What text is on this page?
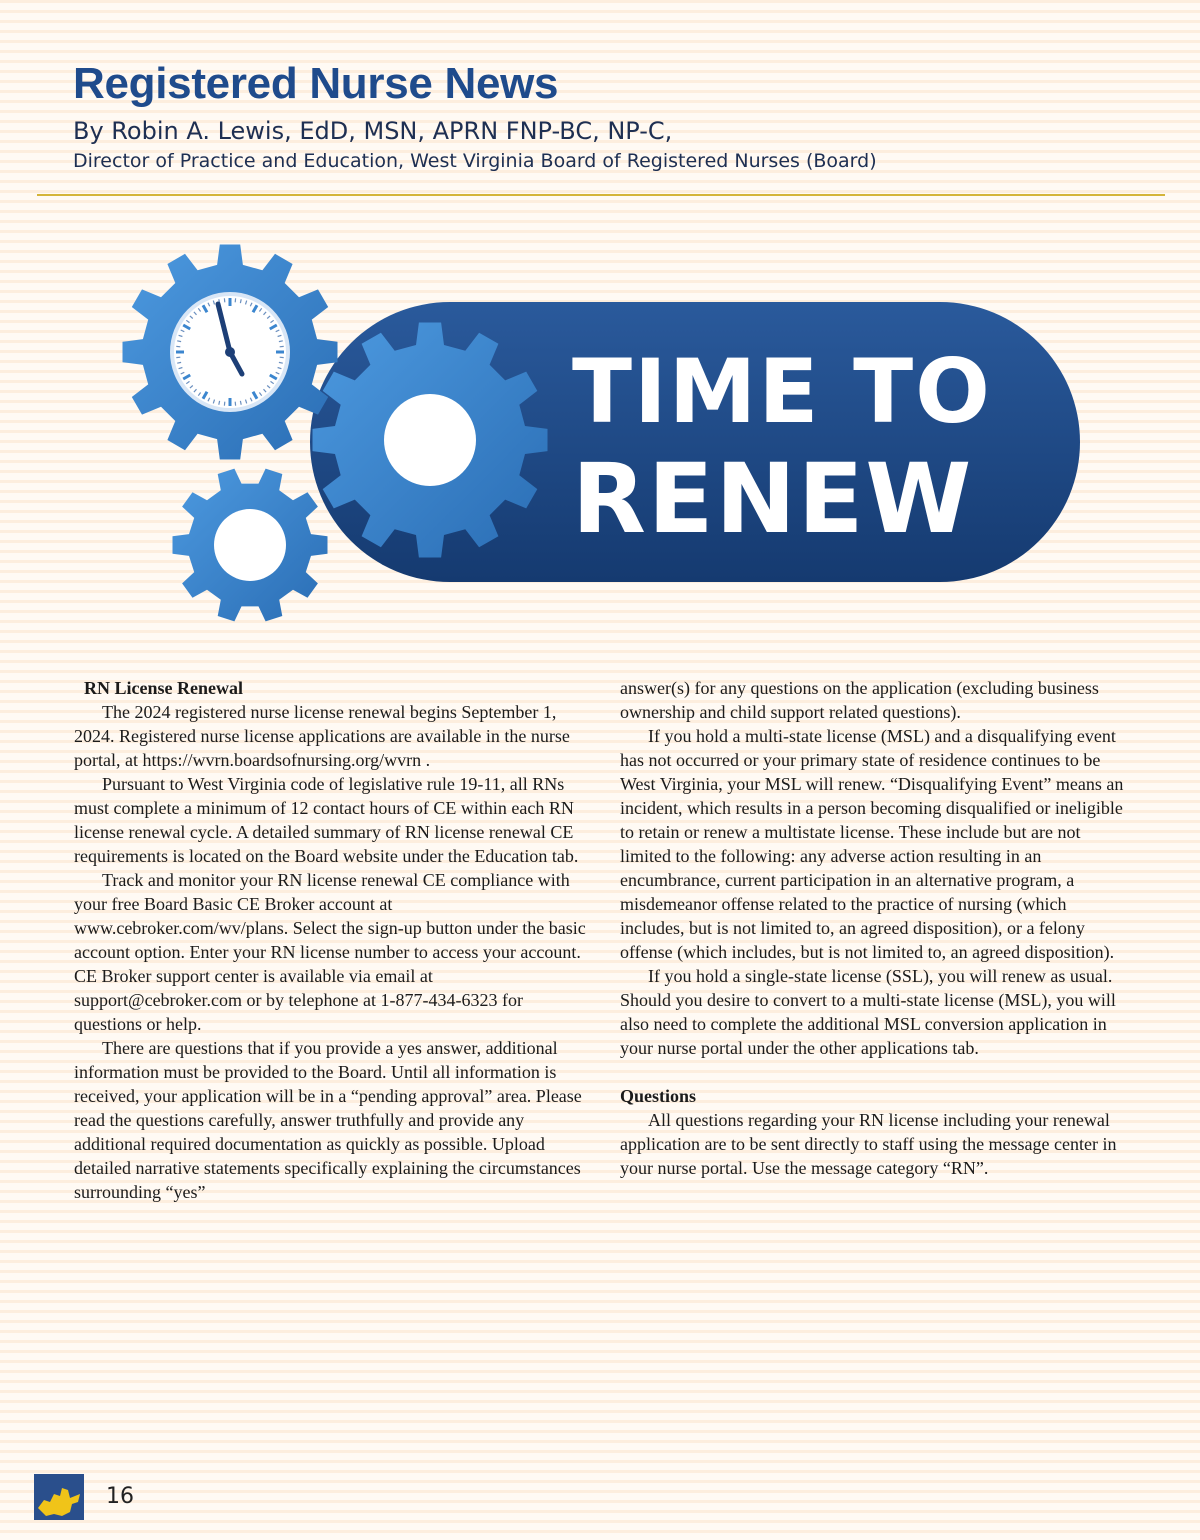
Registered Nurse News
By Robin A. Lewis, EdD, MSN, APRN FNP-BC, NP-C,
Director of Practice and Education, West Virginia Board of Registered Nurses (Board)
TIME TO
RENEW
RN License Renewal

The 2024 registered nurse license renewal begins September 1, 2024. Registered nurse license applications are available in the nurse portal, at https://wvrn.boardsofnursing.org/wvrn .

Pursuant to West Virginia code of legislative rule 19-11, all RNs must complete a minimum of 12 contact hours of CE within each RN license renewal cycle. A detailed summary of RN license renewal CE requirements is located on the Board website under the Education tab.

Track and monitor your RN license renewal CE compliance with your free Board Basic CE Broker account at www.cebroker.com/wv/plans. Select the sign-up button under the basic account option. Enter your RN license number to access your account. CE Broker support center is available via email at support@cebroker.com or by telephone at 1-877-434-6323 for questions or help.

There are questions that if you provide a yes answer, additional information must be provided to the Board. Until all information is received, your application will be in a “pending approval” area. Please read the questions carefully, answer truthfully and provide any additional required documentation as quickly as possible. Upload detailed narrative statements specifically explaining the circumstances surrounding “yes”

answer(s) for any questions on the application (excluding business ownership and child support related questions).

If you hold a multi-state license (MSL) and a disqualifying event has not occurred or your primary state of residence continues to be West Virginia, your MSL will renew. “Disqualifying Event” means an incident, which results in a person becoming disqualified or ineligible to retain or renew a multistate license. These include but are not limited to the following: any adverse action resulting in an encumbrance, current participation in an alternative program, a misdemeanor offense related to the practice of nursing (which includes, but is not limited to, an agreed disposition), or a felony offense (which includes, but is not limited to, an agreed disposition).

If you hold a single-state license (SSL), you will renew as usual. Should you desire to convert to a multi-state license (MSL), you will also need to complete the additional MSL conversion application in your nurse portal under the other applications tab.

Questions

All questions regarding your RN license including your renewal application are to be sent directly to staff using the message center in your nurse portal. Use the message category “RN”.

16
